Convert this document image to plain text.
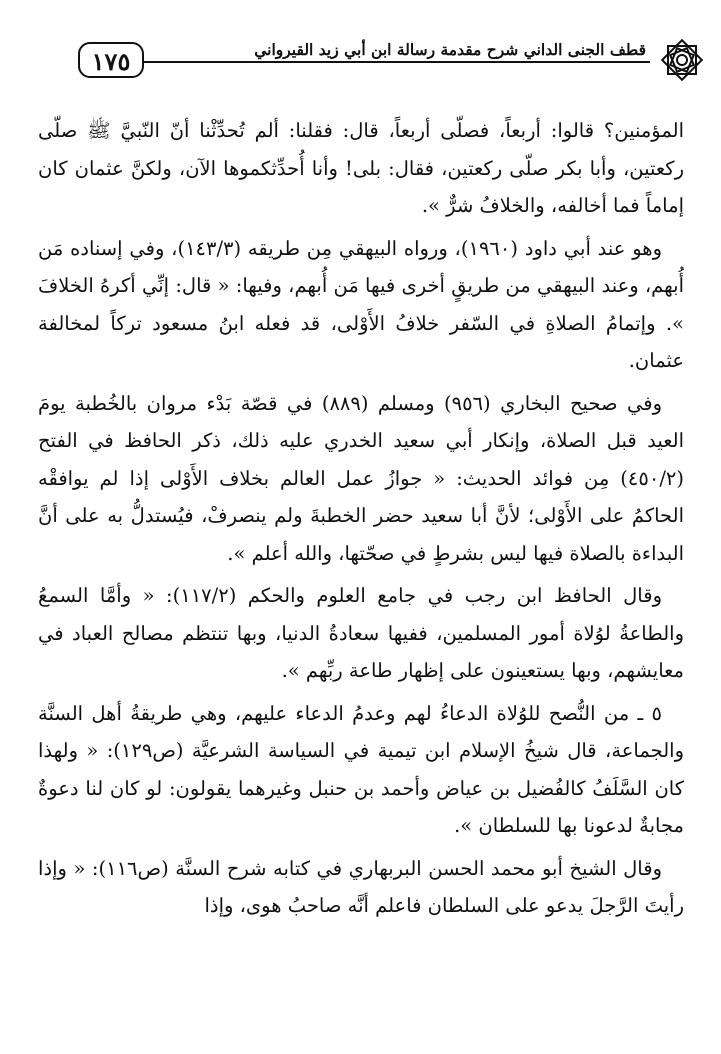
قطف الجنى الداني شرح مقدمة رسالة ابن أبي زيد القيرواني
١٧٥

المؤمنين؟ قالوا: أربعاً، فصلّى أربعاً، قال: فقلنا: ألم تُحدِّثْنا أنّ النّبيَّ ﷺ صلّى ركعتين، وأبا بكر صلّى ركعتين، فقال: بلى! وأنا أُحدِّثكموها الآن، ولكنَّ عثمان كان إماماً فما أخالفه، والخلافُ شرٌّ ».

وهو عند أبي داود (١٩٦٠)، ورواه البيهقي مِن طريقه (١٤٣/٣)، وفي إسناده مَن أُبهم، وعند البيهقي من طريقٍ أخرى فيها مَن أُبهم، وفيها: « قال: إنِّي أكرهُ الخلافَ ». وإتمامُ الصلاةِ في السّفر خلافُ الأَوْلى، قد فعله ابنُ مسعود تركاً لمخالفة عثمان.

وفي صحيح البخاري (٩٥٦) ومسلم (٨٨٩) في قصّة بَدْء مروان بالخُطبة يومَ العيد قبل الصلاة، وإنكار أبي سعيد الخدري عليه ذلك، ذكر الحافظ في الفتح (٤٥٠/٢) مِن فوائد الحديث: « جوازُ عمل العالم بخلاف الأَوْلى إذا لم يوافقْه الحاكمُ على الأَوْلى؛ لأنَّ أبا سعيد حضر الخطبةَ ولم ينصرفْ، فيُستدلُّ به على أنَّ البداءة بالصلاة فيها ليس بشرطٍ في صحّتها، والله أعلم ».

وقال الحافظ ابن رجب في جامع العلوم والحكم (١١٧/٢): « وأمَّا السمعُ والطاعةُ لوُلاة أمور المسلمين، ففيها سعادةُ الدنيا، وبها تنتظم مصالح العباد في معايشهم، وبها يستعينون على إظهار طاعة ربِّهم ».

٥ ـ من النُّصح للوُلاة الدعاءُ لهم وعدمُ الدعاء عليهم، وهي طريقةُ أهل السنَّة والجماعة، قال شيخُ الإسلام ابن تيمية في السياسة الشرعيَّة (ص١٢٩): « ولهذا كان السَّلَفُ كالفُضيل بن عياض وأحمد بن حنبل وغيرهما يقولون: لو كان لنا دعوةٌ مجابةٌ لدعونا بها للسلطان ».

وقال الشيخ أبو محمد الحسن البربهاري في كتابه شرح السنَّة (ص١١٦): « وإذا رأيتَ الرَّجلَ يدعو على السلطان فاعلم أنَّه صاحبُ هوى، وإذا
